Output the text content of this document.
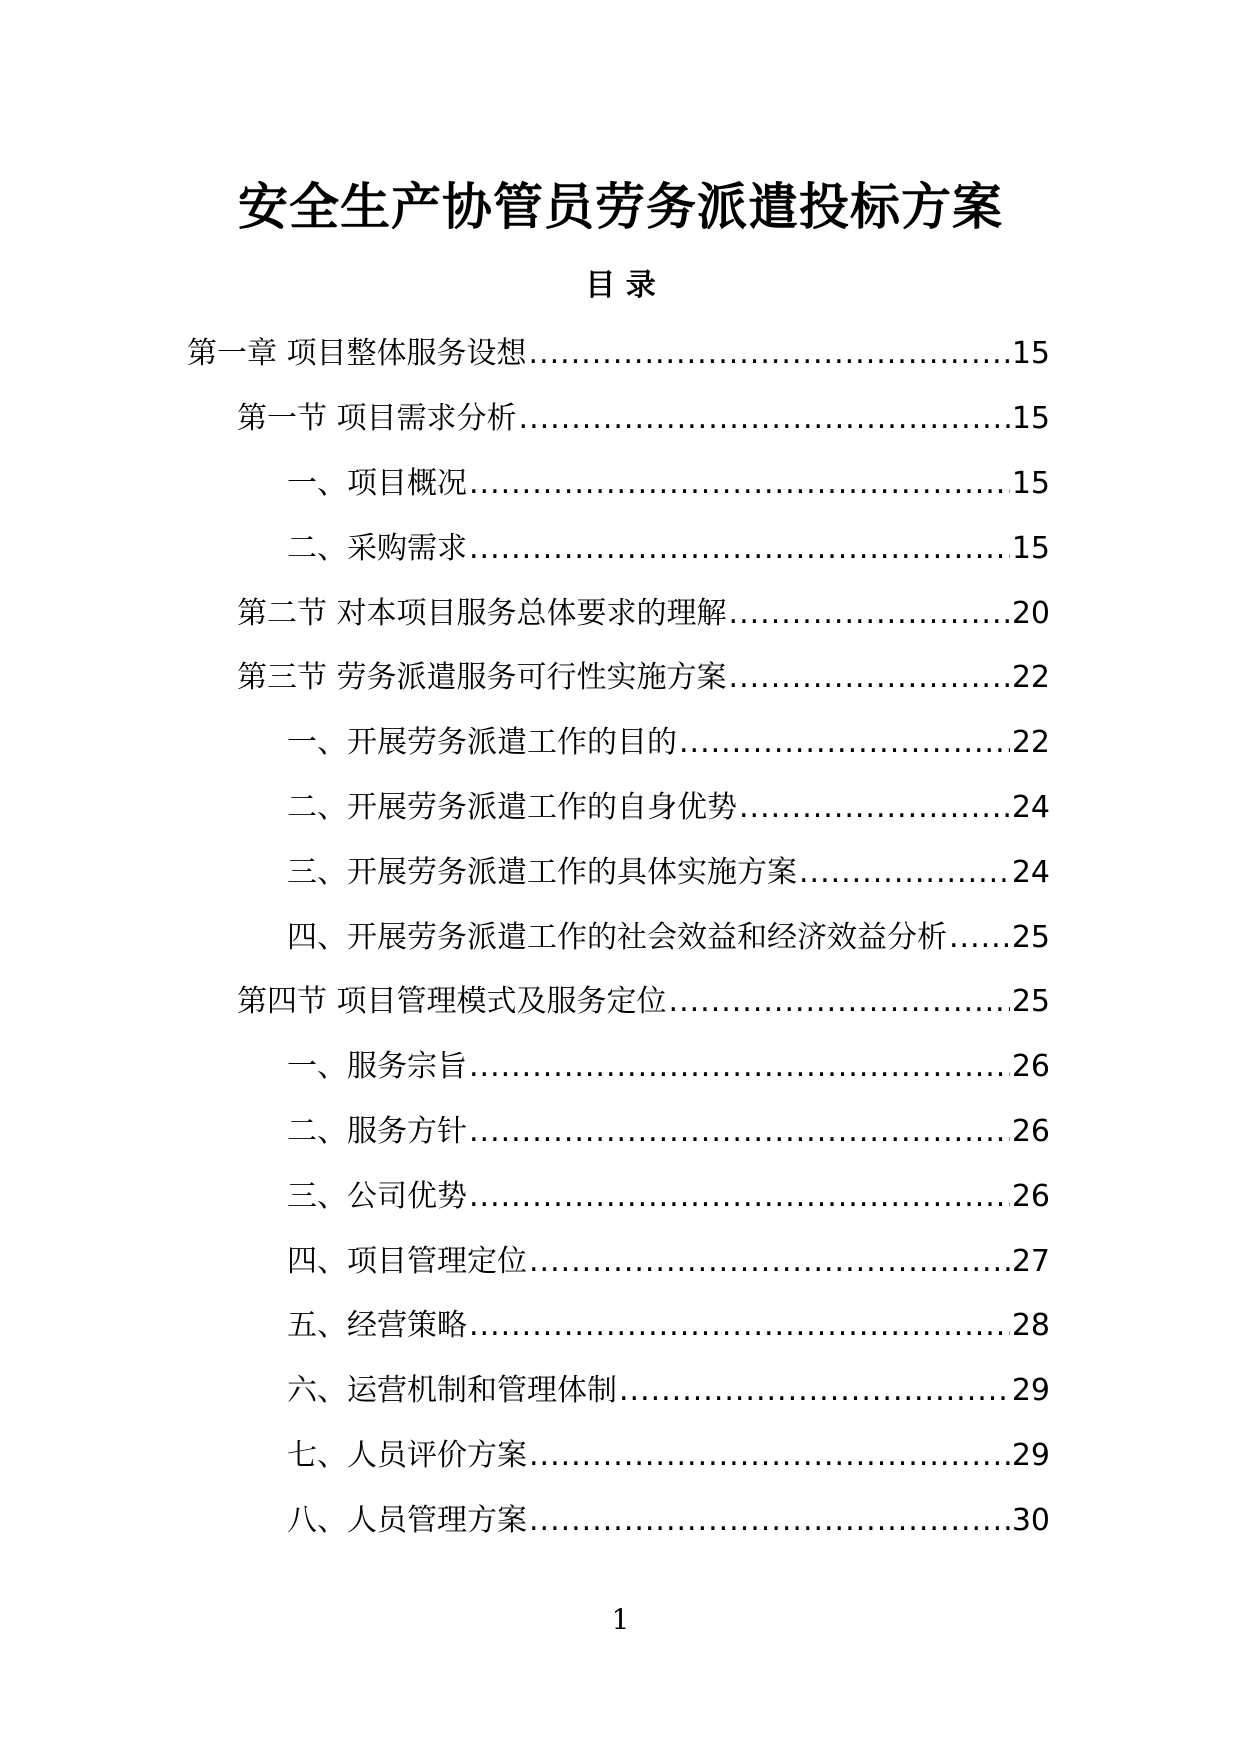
安全生产协管员劳务派遣投标方案
目 录
第一章 项目整体服务设想 .....	15
第一节 项目需求分析 .....	15
一、项目概况 .....	15
二、采购需求 .....	15
第二节 对本项目服务总体要求的理解 .....	20
第三节 劳务派遣服务可行性实施方案 .....	22
一、开展劳务派遣工作的目的 .....	22
二、开展劳务派遣工作的自身优势 .....	24
三、开展劳务派遣工作的具体实施方案 .....	24
四、开展劳务派遣工作的社会效益和经济效益分析 ..... 25
第四节 项目管理模式及服务定位 .....	25
一、服务宗旨 .....	26
二、服务方针 .....	26
三、公司优势 .....	26
四、项目管理定位 .....	27
五、经营策略 .....	28
六、运营机制和管理体制 .....	29
七、人员评价方案 .....	29
八、人员管理方案 .....	30
1
